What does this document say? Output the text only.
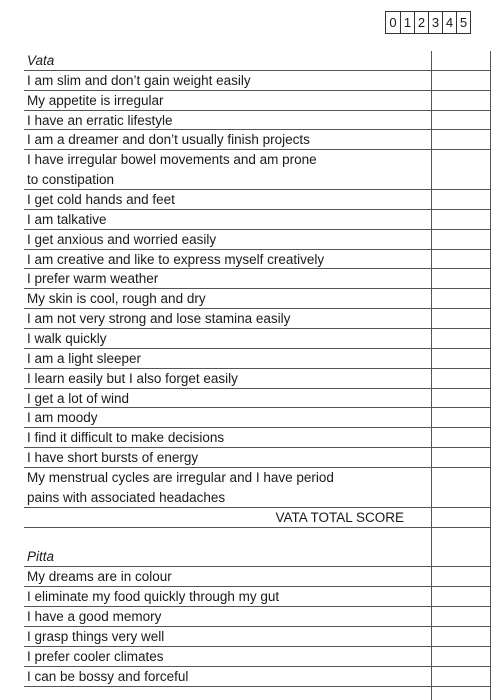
0 1 2 3 4 5
Vata
I am slim and don’t gain weight easily
My appetite is irregular
I have an erratic lifestyle
I am a dreamer and don’t usually finish projects
I have irregular bowel movements and am prone
to constipation
I get cold hands and feet
I am talkative
I get anxious and worried easily
I am creative and like to express myself creatively
I prefer warm weather
My skin is cool, rough and dry
I am not very strong and lose stamina easily
I walk quickly
I am a light sleeper
I learn easily but I also forget easily
I get a lot of wind
I am moody
I find it difficult to make decisions
I have short bursts of energy
My menstrual cycles are irregular and I have period
pains with associated headaches
VATA TOTAL SCORE
Pitta
My dreams are in colour
I eliminate my food quickly through my gut
I have a good memory
I grasp things very well
I prefer cooler climates
I can be bossy and forceful
